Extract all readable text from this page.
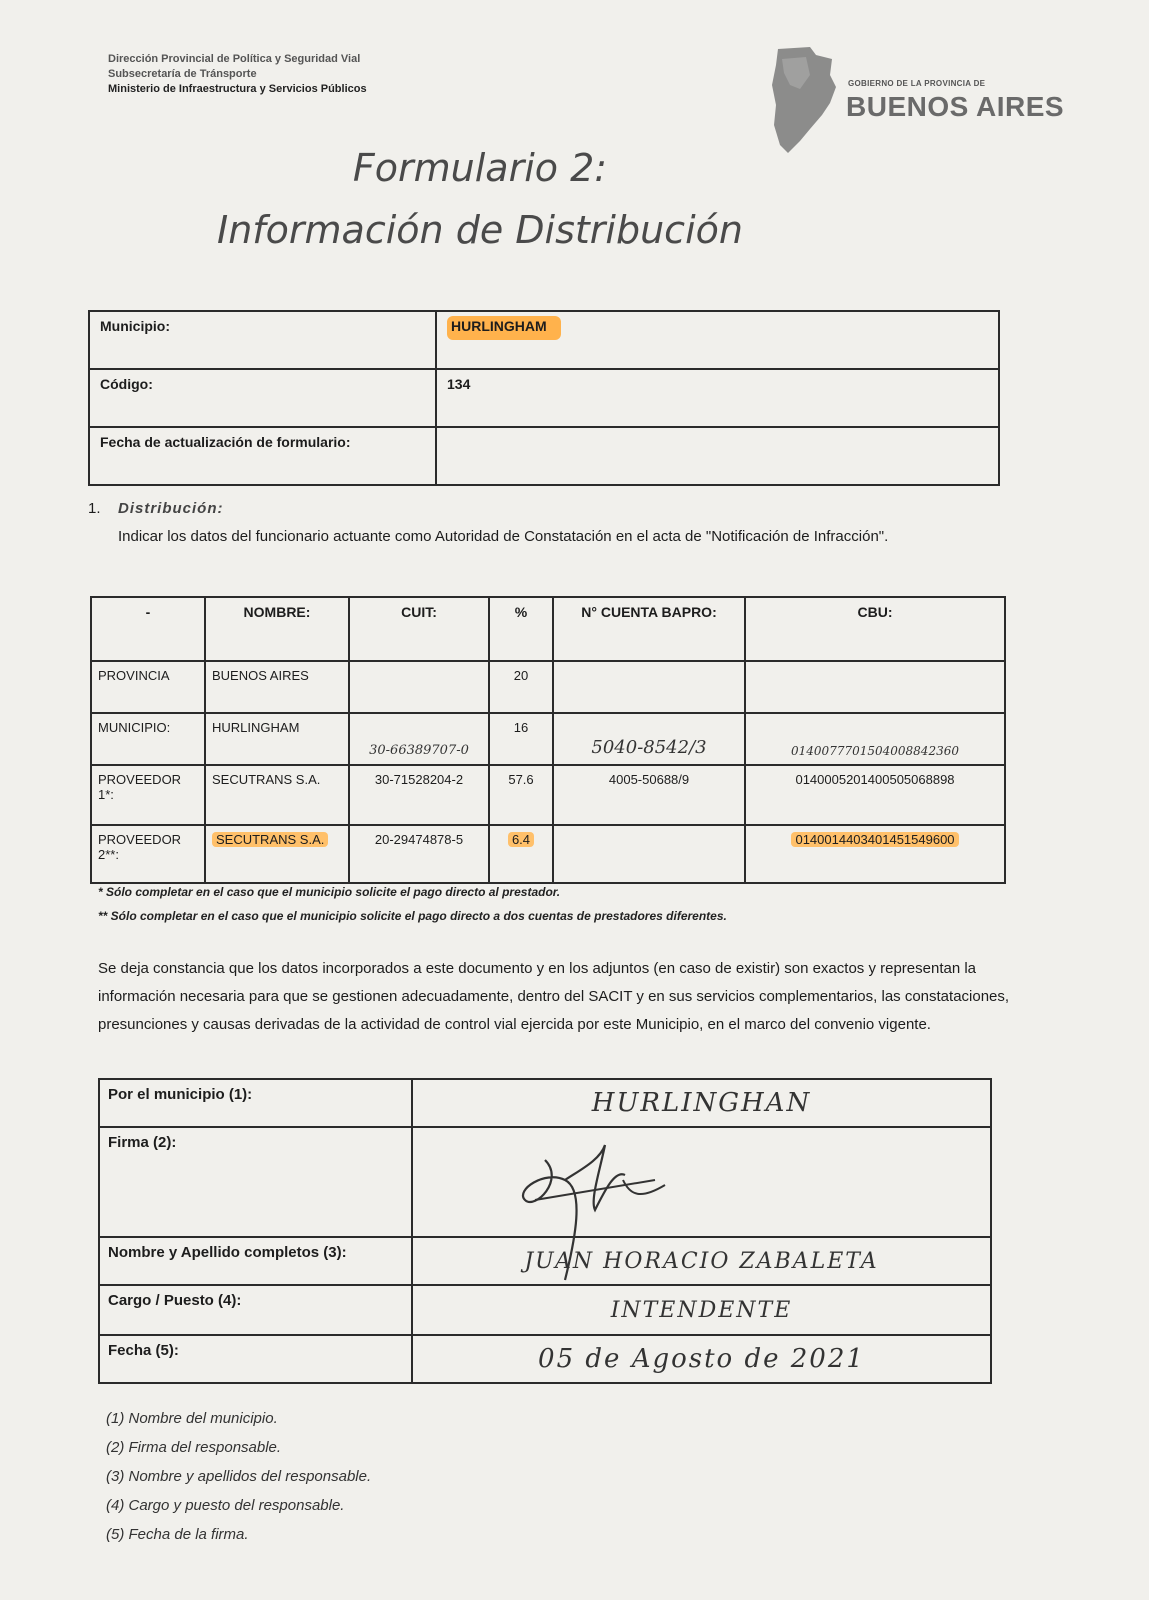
Dirección Provincial de Política y Seguridad Vial
Subsecretaría de Tránsporte
Ministerio de Infraestructura y Servicios Públicos	GOBIERNO DE LA PROVINCIA DE
BUENOS AIRES
Formulario 2:
Información de Distribución
Municipio:	HURLINGHAM
Código:	134
Fecha de actualización de formulario:	
1. Distribución:
Indicar los datos del funcionario actuante como Autoridad de Constatación en el acta de "Notificación de Infracción".
-	NOMBRE:	CUIT:	%	N° CUENTA BAPRO:	CBU:
PROVINCIA	BUENOS AIRES		20		
MUNICIPIO:	HURLINGHAM	30-66389707-0	16	5040-8542/3	0140077701504008842360
PROVEEDOR 1*:	SECUTRANS S.A.	30-71528204-2	57.6	4005-50688/9	0140005201400505068898
PROVEEDOR 2**:	SECUTRANS S.A.	20-29474878-5	6.4		0140014403401451549600
* Sólo completar en el caso que el municipio solicite el pago directo al prestador.
** Sólo completar en el caso que el municipio solicite el pago directo a dos cuentas de prestadores diferentes.
Se deja constancia que los datos incorporados a este documento y en los adjuntos (en caso de existir) son exactos y representan la información necesaria para que se gestionen adecuadamente, dentro del SACIT y en sus servicios complementarios, las constataciones, presunciones y causas derivadas de la actividad de control vial ejercida por este Municipio, en el marco del convenio vigente.
Por el municipio (1):	HURLINGHAN
Firma (2):	
Nombre y Apellido completos (3):	JUAN HORACIO ZABALETA
Cargo / Puesto (4):	INTENDENTE
Fecha (5):	05 de Agosto de 2021
(1) Nombre del municipio.
(2) Firma del responsable.
(3) Nombre y apellidos del responsable.
(4) Cargo y puesto del responsable.
(5) Fecha de la firma.
